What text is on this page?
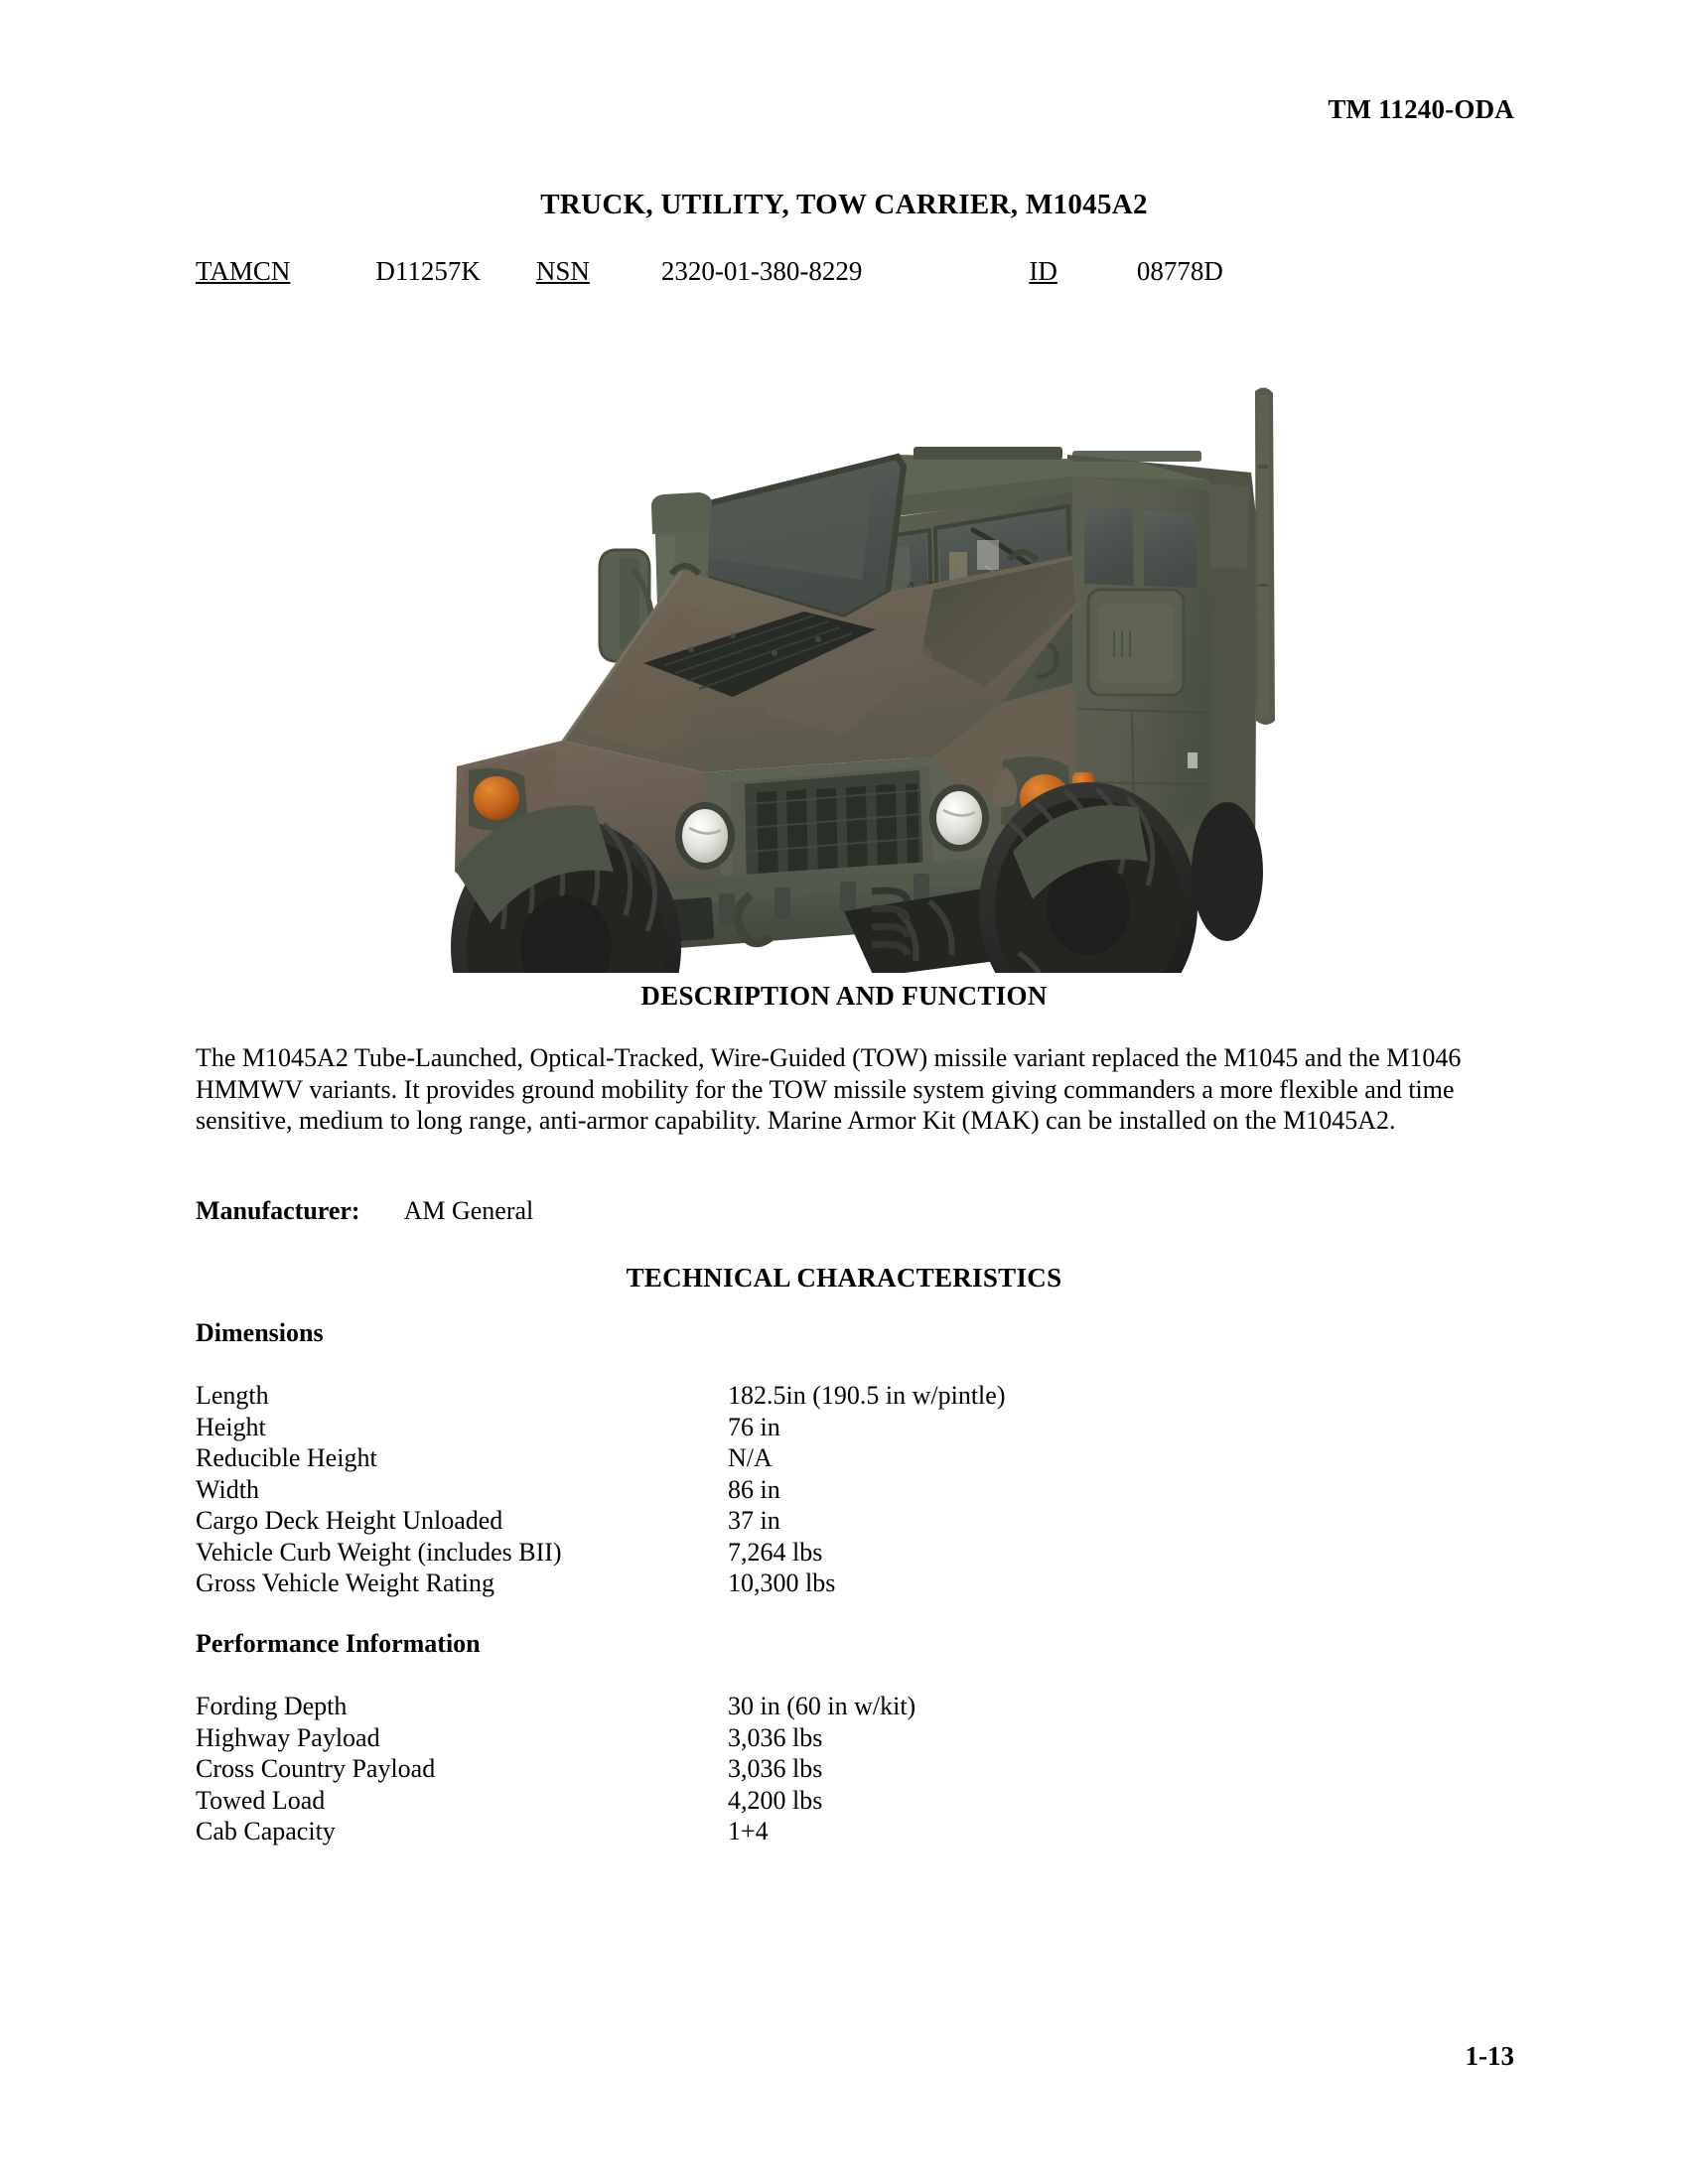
TM 11240-ODA
TRUCK, UTILITY, TOW CARRIER, M1045A2
TAMCN	D11257K NSN	2320-01-380-8229	ID	08778D
DESCRIPTION AND FUNCTION
The M1045A2 Tube-Launched, Optical-Tracked, Wire-Guided (TOW) missile variant replaced the M1045 and the M1046 HMMWV variants. It provides ground mobility for the TOW missile system giving commanders a more flexible and time sensitive, medium to long range, anti-armor capability. Marine Armor Kit (MAK) can be installed on the M1045A2.
Manufacturer: AM General
TECHNICAL CHARACTERISTICS
Dimensions
Length	182.5in (190.5 in w/pintle)
Height	76 in
Reducible Height	N/A
Width	86 in
Cargo Deck Height Unloaded	37 in
Vehicle Curb Weight (includes BII)	7,264 lbs
Gross Vehicle Weight Rating	10,300 lbs
Performance Information
Fording Depth	30 in (60 in w/kit)
Highway Payload	3,036 lbs
Cross Country Payload	3,036 lbs
Towed Load	4,200 lbs
Cab Capacity	1+4
1-13
